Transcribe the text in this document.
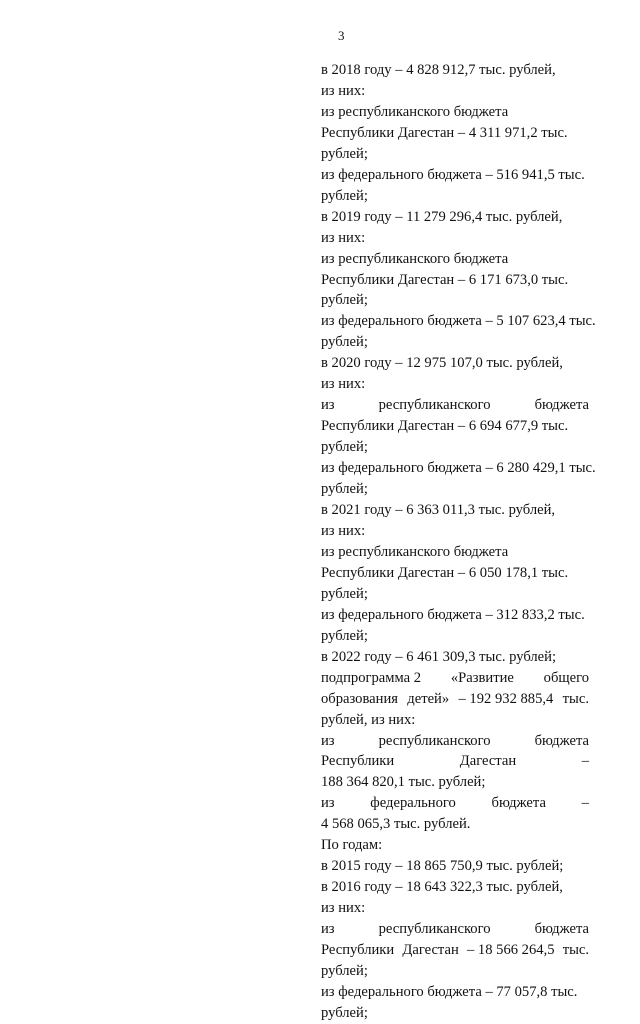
3
в 2018 году – 4 828 912,7 тыс. рублей,
из них:
из республиканского бюджета
Республики Дагестан – 4 311 971,2 тыс.
рублей;
из федерального бюджета – 516 941,5 тыс.
рублей;
в 2019 году – 11 279 296,4 тыс. рублей,
из них:
из республиканского бюджета
Республики Дагестан – 6 171 673,0 тыс.
рублей;
из федерального бюджета – 5 107 623,4 тыс.
рублей;
в 2020 году – 12 975 107,0 тыс. рублей,
из них:
из	республиканского	бюджета
Республики Дагестан – 6 694 677,9 тыс.
рублей;
из федерального бюджета – 6 280 429,1 тыс.
рублей;
в 2021 году – 6 363 011,3 тыс. рублей,
из них:
из республиканского бюджета
Республики Дагестан – 6 050 178,1 тыс.
рублей;
из федерального бюджета – 312 833,2 тыс.
рублей;
в 2022 году – 6 461 309,3 тыс. рублей;
подпрограмма 2 «Развитие общего
образования детей» – 192 932 885,4 тыс.
рублей, из них:
из	республиканского	бюджета
Республики	Дагестан	–
188 364 820,1 тыс. рублей;
из федерального бюджета –
4 568 065,3 тыс. рублей.
По годам:
в 2015 году – 18 865 750,9 тыс. рублей;
в 2016 году – 18 643 322,3 тыс. рублей,
из них:
из	республиканского	бюджета
Республики Дагестан – 18 566 264,5 тыс.
рублей;
из федерального бюджета – 77 057,8 тыс.
рублей;
